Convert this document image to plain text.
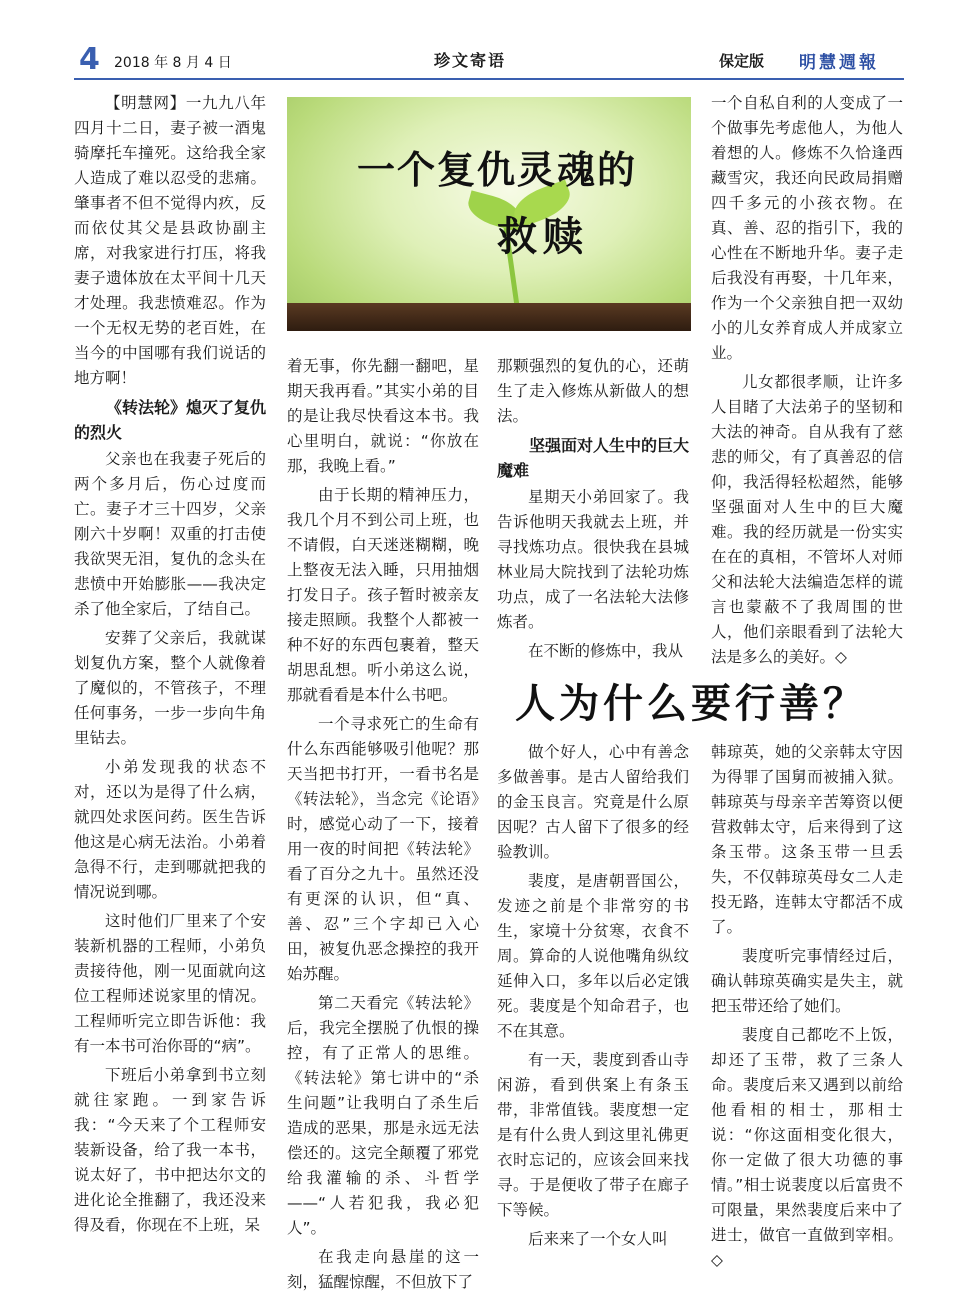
4 2018 年 8 月 4 日	珍文寄语	保定版 明慧週報

【明慧网】一九九八年四月十二日，妻子被一酒鬼骑摩托车撞死。这给我全家人造成了难以忍受的悲痛。肇事者不但不觉得内疚，反而依仗其父是县政协副主席，对我家进行打压，将我妻子遗体放在太平间十几天才处理。我悲愤难忍。作为一个无权无势的老百姓，在当今的中国哪有我们说话的地方啊！

《转法轮》熄灭了复仇的烈火

父亲也在我妻子死后的两个多月后，伤心过度而亡。妻子才三十四岁，父亲刚六十岁啊！双重的打击使我欲哭无泪，复仇的念头在悲愤中开始膨胀——我决定杀了他全家后，了结自己。

安葬了父亲后，我就谋划复仇方案，整个人就像着了魔似的，不管孩子，不理任何事务，一步一步向牛角里钻去。

小弟发现我的状态不对，还以为是得了什么病，就四处求医问药。医生告诉他这是心病无法治。小弟着急得不行，走到哪就把我的情况说到哪。

这时他们厂里来了个安装新机器的工程师，小弟负责接待他，刚一见面就向这位工程师述说家里的情况。工程师听完立即告诉他：我有一本书可治你哥的“病”。

下班后小弟拿到书立刻就往家跑。一到家告诉我：“今天来了个工程师安装新设备，给了我一本书，说太好了，书中把达尔文的进化论全推翻了，我还没来得及看，你现在不上班，呆

一个复仇灵魂的
救赎

着无事，你先翻一翻吧，星期天我再看。”其实小弟的目的是让我尽快看这本书。我心里明白，就说：“你放在那，我晚上看。”

由于长期的精神压力，我几个月不到公司上班，也不请假，白天迷迷糊糊，晚上整夜无法入睡，只用抽烟打发日子。孩子暂时被亲友接走照顾。我整个人都被一种不好的东西包裹着，整天胡思乱想。听小弟这么说，那就看看是本什么书吧。

一个寻求死亡的生命有什么东西能够吸引他呢？那天当把书打开，一看书名是《转法轮》，当念完《论语》时，感觉心动了一下，接着用一夜的时间把《转法轮》看了百分之九十。虽然还没有更深的认识，但“真、善、忍”三个字却已入心田，被复仇恶念操控的我开始苏醒。

第二天看完《转法轮》后，我完全摆脱了仇恨的操控，有了正常人的思维。《转法轮》第七讲中的“杀生问题”让我明白了杀生后造成的恶果，那是永远无法偿还的。这完全颠覆了邪党给我灌输的杀、斗哲学——“人若犯我，我必犯人”。

在我走向悬崖的这一刻，猛醒惊醒，不但放下了

那颗强烈的复仇的心，还萌生了走入修炼从新做人的想法。

坚强面对人生中的巨大魔难

星期天小弟回家了。我告诉他明天我就去上班，并寻找炼功点。很快我在县城林业局大院找到了法轮功炼功点，成了一名法轮大法修炼者。

在不断的修炼中，我从

一个自私自利的人变成了一个做事先考虑他人，为他人着想的人。修炼不久恰逢西藏雪灾，我还向民政局捐赠四千多元的小孩衣物。在真、善、忍的指引下，我的心性在不断地升华。妻子走后我没有再娶，十几年来，作为一个父亲独自把一双幼小的儿女养育成人并成家立业。

儿女都很孝顺，让许多人目睹了大法弟子的坚韧和大法的神奇。自从我有了慈悲的师父，有了真善忍的信仰，我活得轻松超然，能够坚强面对人生中的巨大魔难。我的经历就是一份实实在在的真相，不管坏人对师父和法轮大法编造怎样的谎言也蒙蔽不了我周围的世人，他们亲眼看到了法轮大法是多么的美好。◇

人为什么要行善？

做个好人，心中有善念多做善事。是古人留给我们的金玉良言。究竟是什么原因呢？古人留下了很多的经验教训。

裴度，是唐朝晋国公，发迹之前是个非常穷的书生，家境十分贫寒，衣食不周。算命的人说他嘴角纵纹延伸入口，多年以后必定饿死。裴度是个知命君子，也不在其意。

有一天，裴度到香山寺闲游，看到供案上有条玉带，非常值钱。裴度想一定是有什么贵人到这里礼佛更衣时忘记的，应该会回来找寻。于是便收了带子在廊子下等候。

后来来了一个女人叫

韩琼英，她的父亲韩太守因为得罪了国舅而被捕入狱。韩琼英与母亲辛苦筹资以便营救韩太守，后来得到了这条玉带。这条玉带一旦丢失，不仅韩琼英母女二人走投无路，连韩太守都活不成了。

裴度听完事情经过后，确认韩琼英确实是失主，就把玉带还给了她们。

裴度自己都吃不上饭，却还了玉带，救了三条人命。裴度后来又遇到以前给他看相的相士，那相士说：“你这面相变化很大，你一定做了很大功德的事情。”相士说裴度以后富贵不可限量，果然裴度后来中了进士，做官一直做到宰相。◇
